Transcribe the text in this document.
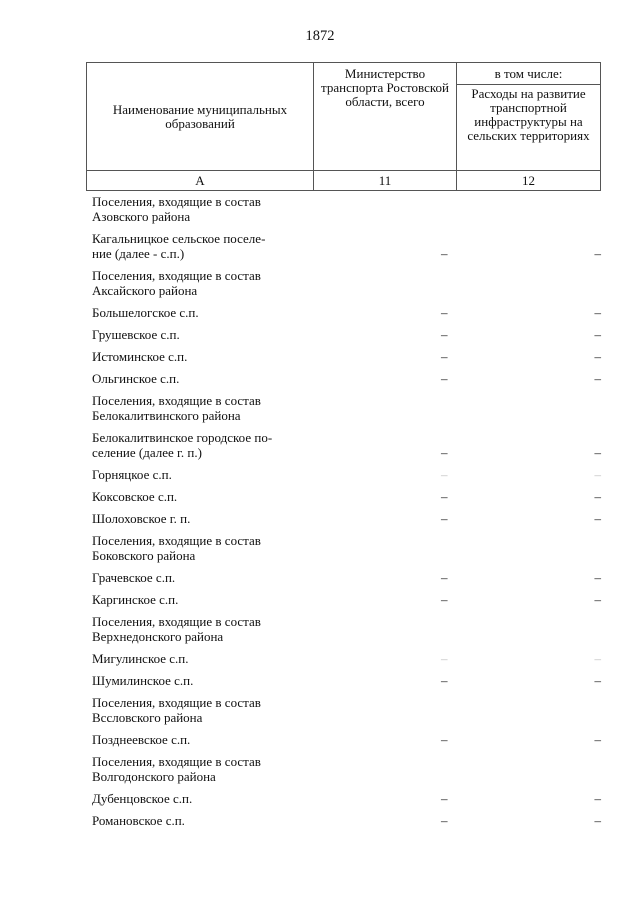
1872
Наименование муниципальных образований	Министерство транспорта Ростовской области, всего	в том числе:
		Расходы на развитие транспортной инфраструктуры на сельских территориях
А	11	12
Поселения, входящие в состав
Азовского района
Кагальницкое сельское поселе-
ние (далее - с.п.)	–	–
Поселения, входящие в состав
Аксайского района
Большелогское с.п.	–	–
Грушевское с.п.	–	–
Истоминское с.п.	–	–
Ольгинское с.п.	–	–
Поселения, входящие в состав
Белокалитвинского района
Белокалитвинское городское по-
селение (далее г. п.)	–	–
Горняцкое с.п.	–	–
Коксовское с.п.	–	–
Шолоховское г. п.	–	–
Поселения, входящие в состав
Боковского района
Грачевское с.п.	–	–
Каргинское с.п.	–	–
Поселения, входящие в состав
Верхнедонского района
Мигулинское с.п.	–	–
Шумилинское с.п.	–	–
Поселения, входящие в состав
Вссловского района
Позднеевское с.п.	–	–
Поселения, входящие в состав
Волгодонского района
Дубенцовское с.п.	–	–
Романовское с.п.	–	–
